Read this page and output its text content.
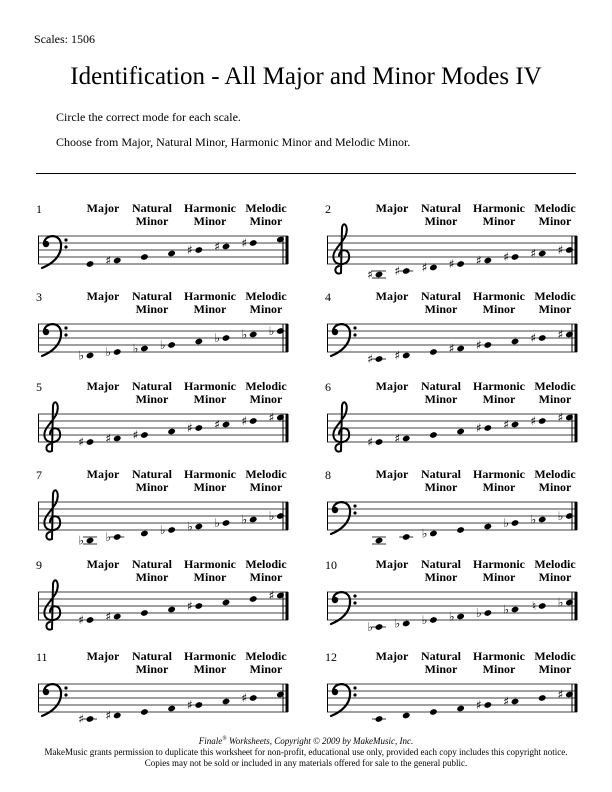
Scales: 1506
Identification - All Major and Minor Modes IV
Circle the correct mode for each scale.
Choose from Major, Natural Minor, Harmonic Minor and Melodic Minor.
1	Major
	Natural
Minor
Harmonic
Minor
Melodic
Minor
♯
♯ ♯ ♯
2	Major
	Natural
Minor
Harmonic
Minor
Melodic
Minor
♯ ♯ ♯ ♯ ♯ ♯ ♯ ♯
3	Major
	Natural
Minor
Harmonic
Minor
Melodic
Minor
♭ ♭ ♭ ♭	♭ ♭ ♭
4	Major
	Natural
Minor
Harmonic
Minor
Melodic
Minor
♯ ♯	♯ ♯	♯ ♯
5	Major
	Natural
Minor
Harmonic
Minor
Melodic
Minor
♯ ♯ ♯	♯ ♯ ♯ ♯
6	Major
	Natural
Minor
Harmonic
Minor
Melodic
Minor
♯ ♯
♯ ♯ ♯ ♯
7	Major
	Natural
Minor
Harmonic
Minor
Melodic
Minor
♭ ♭	♭ ♭ ♭ ♭ ♭
8	Major
	Natural
Minor
Harmonic
Minor
Melodic
Minor
♭
♭ ♭ ♭
9	Major
	Natural
Minor
Harmonic
Minor
Melodic
Minor
♯ ♯
♯
♯
10	Major
	Natural
Minor
Harmonic
Minor
Melodic
Minor
♭ ♭ ♭ ♭ ♭ ♭ ♮ ♭
11	Major
	Natural
Minor
Harmonic
Minor
Melodic
Minor
♯ ♯
♯	♯
12	Major
	Natural
Minor
Harmonic
Minor
Melodic
Minor
♯ ♯	♯
Finale® Worksheets, Copyright © 2009 by MakeMusic, Inc.
MakeMusic grants permission to duplicate this worksheet for non-profit, educational use only, provided each copy includes this copyright notice.
Copies may not be sold or included in any materials offered for sale to the general public.
